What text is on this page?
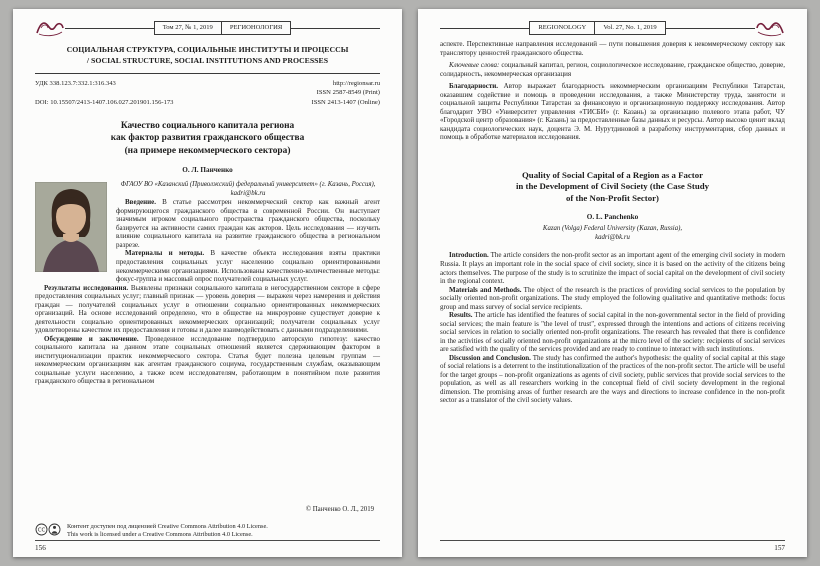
Том 27, № 1, 2019	РЕГИОНОЛОГИЯ
СОЦИАЛЬНАЯ СТРУКТУРА, СОЦИАЛЬНЫЕ ИНСТИТУТЫ И ПРОЦЕССЫ / SOCIAL STRUCTURE, SOCIAL INSTITUTIONS AND PROCESSES
УДК 338.123.7:332.1:316.343
DOI: 10.15507/2413-1407.106.027.201901.156-173
http://regionsar.ru
ISSN 2587-8549 (Print)
ISSN 2413-1407 (Online)
Качество социального капитала региона
как фактор развития гражданского общества
(на примере некоммерческого сектора)
О. Л. Панченко
ФГАОУ ВО «Казанский (Приволжский) федеральный университет» (г. Казань, Россия),
kadri@bk.ru

Введение. В статье рассмотрен некоммерческий сектор как важный агент формирующегося гражданского общества в современной России. Он выступает значимым игроком социального пространства гражданского общества, поскольку базируется на активности самих граждан как акторов. Цель исследования — изучить влияние социального капитала на развитие гражданского общества в региональном разрезе.

Материалы и методы. В качестве объекта исследования взяты практики предоставления социальных услуг населению социально ориентированными некоммерческими организациями. Использованы качественно-количественные методы: фокус-группа и массовый опрос получателей социальных услуг.

Результаты исследования. Выявлены признаки социального капитала в негосударственном секторе в сфере предоставления социальных услуг; главный признак — уровень доверия — выражен через намерения и действия граждан — получателей социальных услуг в отношении социально ориентированных некоммерческих организаций. На основе исследований определено, что в обществе на микроуровне существует доверие к деятельности социально ориентированных некоммерческих организаций; получатели социальных услуг удовлетворены качеством их предоставления и готовы и далее взаимодействовать с данными подразделениями.

Обсуждение и заключение. Проведенное исследование подтвердило авторскую гипотезу: качество социального капитала на данном этапе социальных отношений является сдерживающим фактором в институционализации практик некоммерческого сектора. Статья будет полезна целевым группам — некоммерческим организациям как агентам гражданского социума, государственным службам, оказывающим социальные услуги населению, а также всем исследователям, работающим в понятийном поле развития гражданского общества в региональном

© Панченко О. Л., 2019
CC
Контент доступен под лицензией Creative Commons Attribution 4.0 License.
This work is licensed under a Creative Commons Attribution 4.0 License.
156
REGIONOLOGY	Vol. 27, No. 1, 2019

аспекте. Перспективные направления исследований — пути повышения доверия к некоммерческому сектору как транслятору ценностей гражданского общества.

Ключевые слова: социальный капитал, регион, социологическое исследование, гражданское общество, доверие, солидарность, некоммерческая организация

Благодарности. Автор выражает благодарность некоммерческим организациям Республики Татарстан, оказавшим содействие и помощь в проведении исследования, а также Министерству труда, занятости и социальной защиты Республики Татарстан за финансовую и организационную поддержку исследования. Автор благодарит УВО «Университет управления «ТИСБИ» (г. Казань) за организацию полевого этапа работ, ЧУ «Городской центр образования» (г. Казань) за предоставленные базы данных и ресурсы. Автор высоко ценит вклад кандидата социологических наук, доцента Э. М. Нурутдиновой в разработку инструментария, сбор данных и помощь в обработке материалов исследования.

Quality of Social Capital of a Region as a Factor
in the Development of Civil Society (the Case Study
of the Non-Profit Sector)
O. L. Panchenko
Kazan (Volga) Federal University (Kazan, Russia),
kadri@bk.ru

Introduction. The article considers the non-profit sector as an important agent of the emerging civil society in modern Russia. It plays an important role in the social space of civil society, since it is based on the activity of the citizens being actors themselves. The purpose of the study is to scrutinize the impact of social capital on the development of civil society in the regional context.

Materials and Methods. The object of the research is the practices of providing social services to the population by socially oriented non-profit organizations. The study employed the following qualitative and quantitative methods: focus group and mass survey of social service recipients.

Results. The article has identified the features of social capital in the non-governmental sector in the field of providing social services; the main feature is "the level of trust", expressed through the intentions and actions of citizens receiving social services in relation to socially oriented non-profit organizations. The research has revealed that there is confidence in the activities of socially oriented non-profit organizations at the micro level of the society: recipients of social services are satisfied with the quality of the services provided and are ready to continue to interact with such institutions.

Discussion and Conclusion. The study has confirmed the author's hypothesis: the quality of social capital at this stage of social relations is a deterrent to the institutionalization of the practices of the non-profit sector. The article will be useful for the target groups – non-profit organizations as agents of civil society, public services that provide social services to the population, as well as all researchers working in the conceptual field of civil society development in the regional dimension. The promising areas of further research are the ways and directions to increase confidence in the non-profit sector as a translator of the civil society values.

157
